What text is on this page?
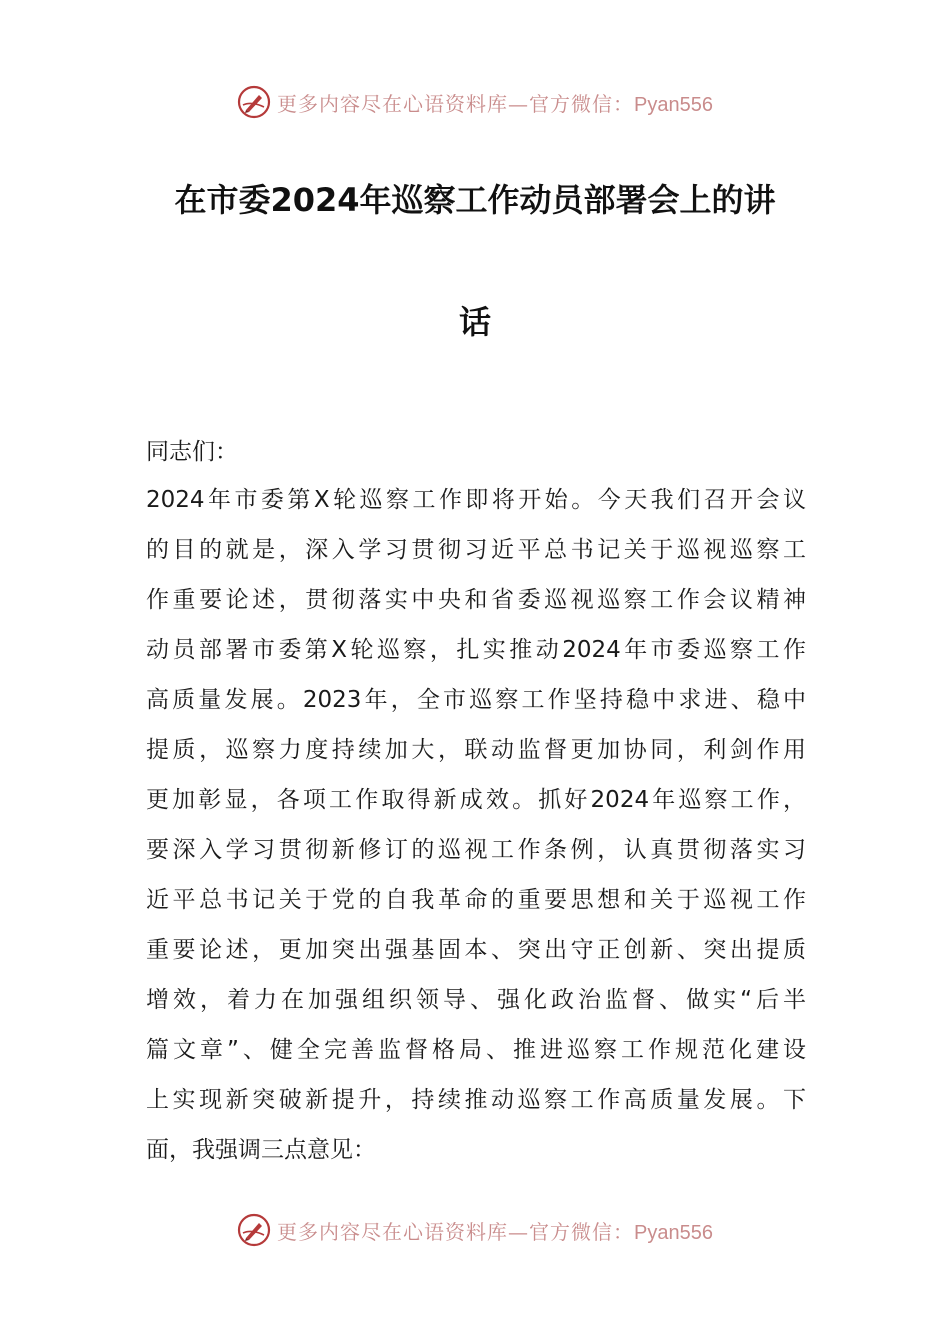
更多内容尽在心语资料库—官方微信：Pyan556
在市委2024年巡察工作动员部署会上的讲
话

同志们：

2024年市委第X轮巡察工作即将开始。今天我们召开会议
的目的就是，深入学习贯彻习近平总书记关于巡视巡察工
作重要论述，贯彻落实中央和省委巡视巡察工作会议精神
动员部署市委第X轮巡察，扎实推动2024年市委巡察工作
高质量发展。2023年，全市巡察工作坚持稳中求进、稳中
提质，巡察力度持续加大，联动监督更加协同，利剑作用
更加彰显，各项工作取得新成效。抓好2024年巡察工作，
要深入学习贯彻新修订的巡视工作条例，认真贯彻落实习
近平总书记关于党的自我革命的重要思想和关于巡视工作
重要论述，更加突出强基固本、突出守正创新、突出提质
增效，着力在加强组织领导、强化政治监督、做实“后半
篇文章”、健全完善监督格局、推进巡察工作规范化建设
上实现新突破新提升，持续推动巡察工作高质量发展。下
面，我强调三点意见：
更多内容尽在心语资料库—官方微信：Pyan556
